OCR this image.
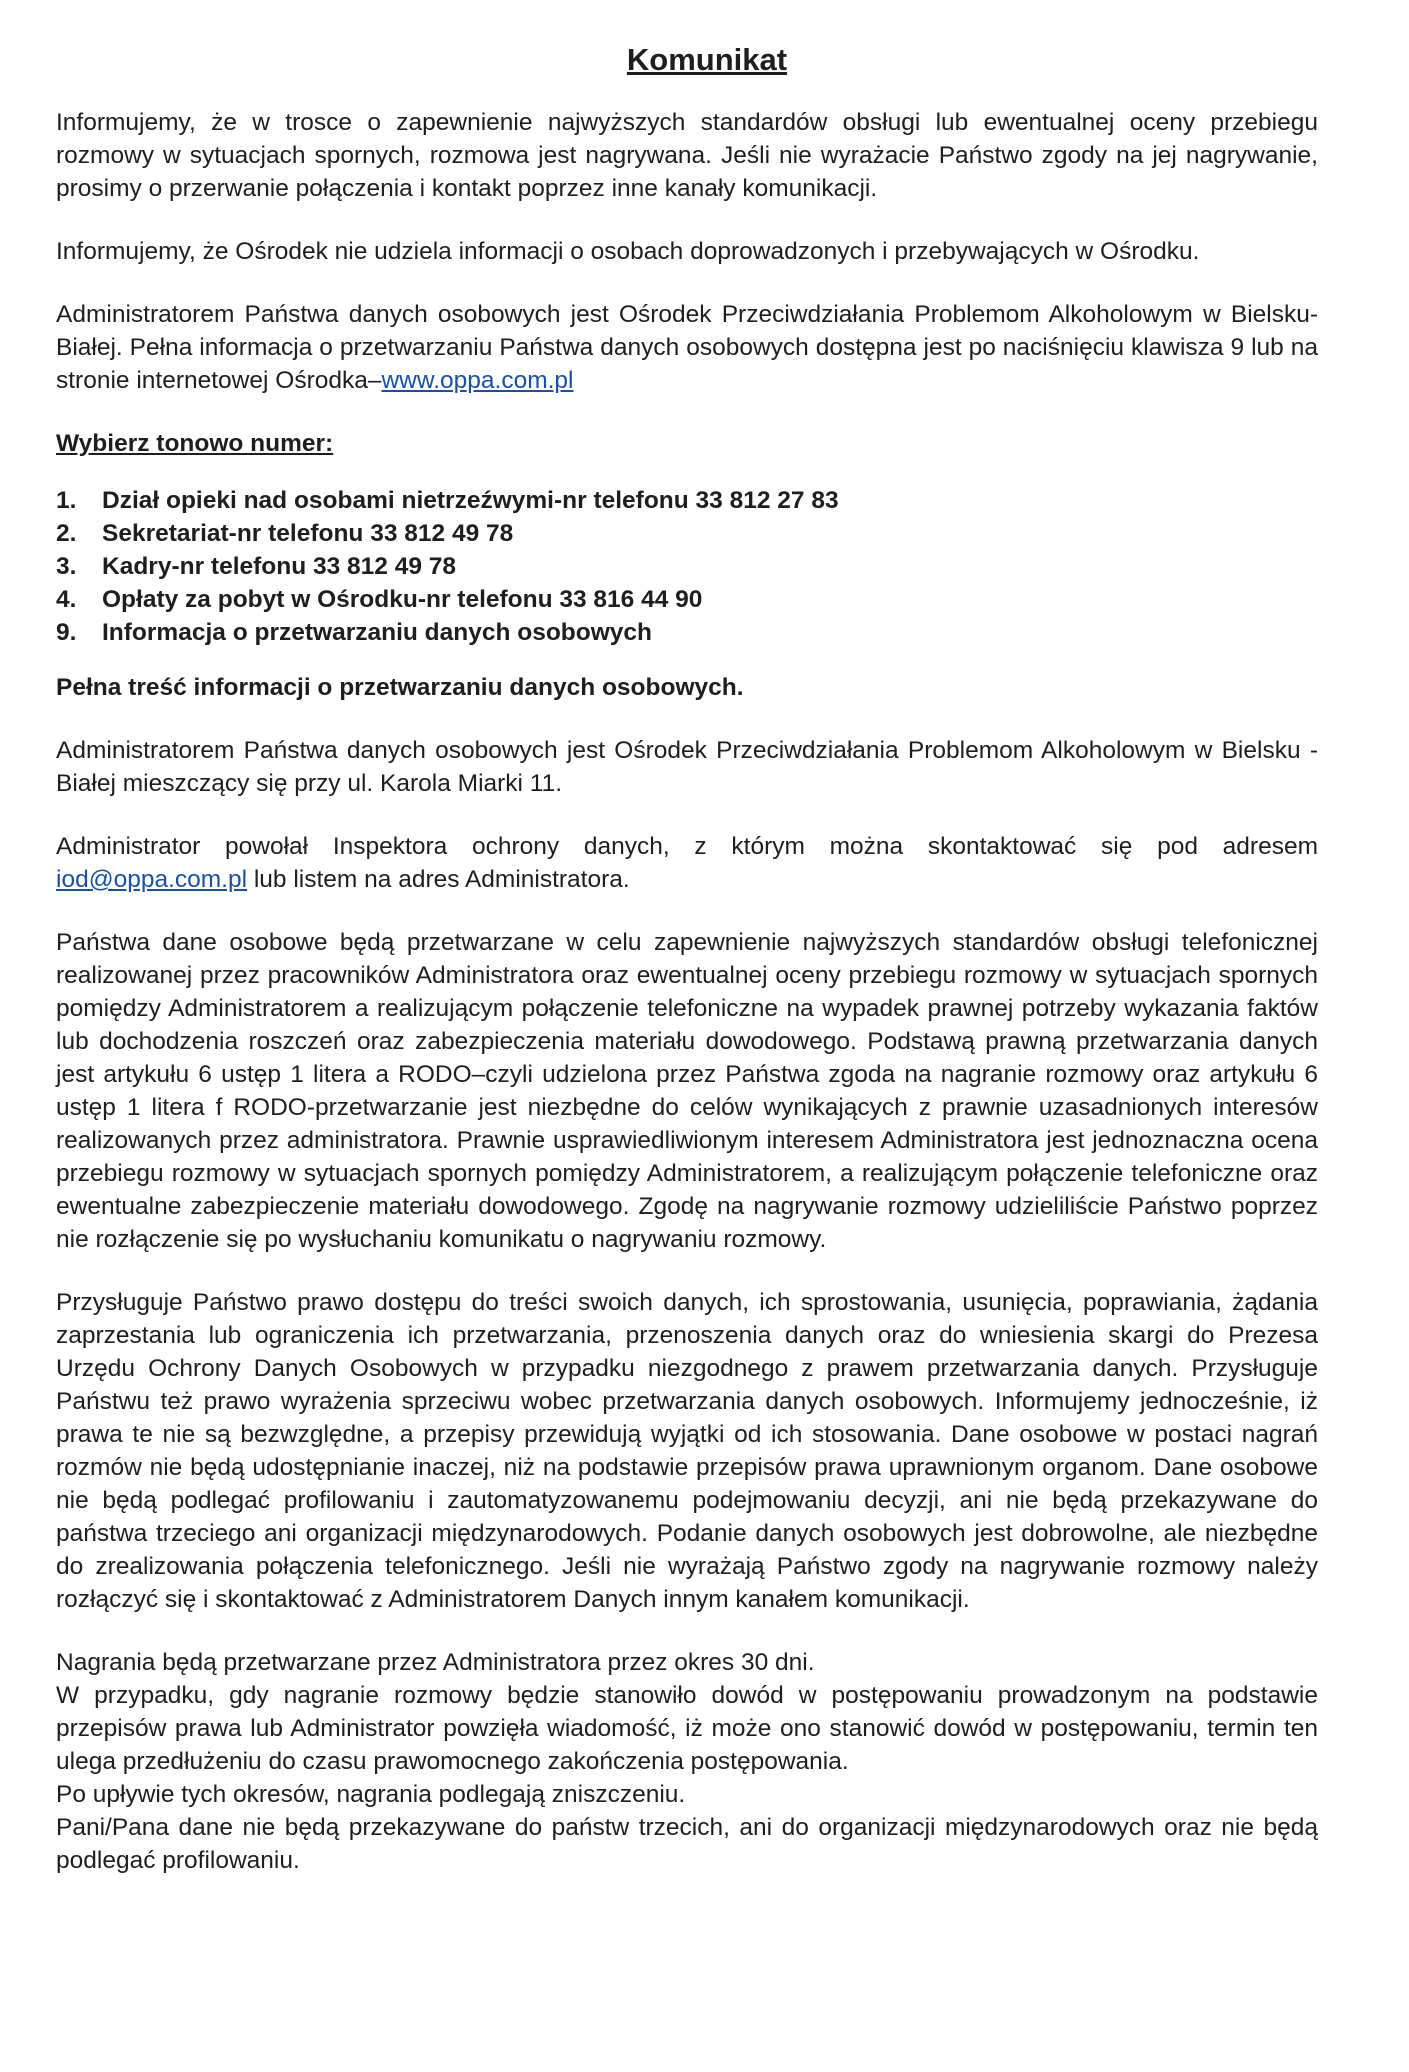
Komunikat

Informujemy, że w trosce o zapewnienie najwyższych standardów obsługi lub ewentualnej oceny przebiegu rozmowy w sytuacjach spornych, rozmowa jest nagrywana. Jeśli nie wyrażacie Państwo zgody na jej nagrywanie, prosimy o przerwanie połączenia i kontakt poprzez inne kanały komunikacji.

Informujemy, że Ośrodek nie udziela informacji o osobach doprowadzonych i przebywających w Ośrodku.

Administratorem Państwa danych osobowych jest Ośrodek Przeciwdziałania Problemom Alkoholowym w Bielsku-Białej. Pełna informacja o przetwarzaniu Państwa danych osobowych dostępna jest po naciśnięciu klawisza 9 lub na stronie internetowej Ośrodka–www.oppa.com.pl

Wybierz tonowo numer:
1.	Dział opieki nad osobami nietrzeźwymi-nr telefonu 33 812 27 83
2.	Sekretariat-nr telefonu 33 812 49 78
3.	Kadry-nr telefonu 33 812 49 78
4.	Opłaty za pobyt w Ośrodku-nr telefonu 33 816 44 90
9.	Informacja o przetwarzaniu danych osobowych
Pełna treść informacji o przetwarzaniu danych osobowych.

Administratorem Państwa danych osobowych jest Ośrodek Przeciwdziałania Problemom Alkoholowym w Bielsku -Białej mieszczący się przy ul. Karola Miarki 11.

Administrator powołał Inspektora ochrony danych, z którym można skontaktować się pod adresem iod@oppa.com.pl lub listem na adres Administratora.

Państwa dane osobowe będą przetwarzane w celu zapewnienie najwyższych standardów obsługi telefonicznej realizowanej przez pracowników Administratora oraz ewentualnej oceny przebiegu rozmowy w sytuacjach spornych pomiędzy Administratorem a realizującym połączenie telefoniczne na wypadek prawnej potrzeby wykazania faktów lub dochodzenia roszczeń oraz zabezpieczenia materiału dowodowego. Podstawą prawną przetwarzania danych jest artykułu 6 ustęp 1 litera a RODO–czyli udzielona przez Państwa zgoda na nagranie rozmowy oraz artykułu 6 ustęp 1 litera f RODO-przetwarzanie jest niezbędne do celów wynikających z prawnie uzasadnionych interesów realizowanych przez administratora. Prawnie usprawiedliwionym interesem Administratora jest jednoznaczna ocena przebiegu rozmowy w sytuacjach spornych pomiędzy Administratorem, a realizującym połączenie telefoniczne oraz ewentualne zabezpieczenie materiału dowodowego. Zgodę na nagrywanie rozmowy udzieliliście Państwo poprzez nie rozłączenie się po wysłuchaniu komunikatu o nagrywaniu rozmowy.

Przysługuje Państwo prawo dostępu do treści swoich danych, ich sprostowania, usunięcia, poprawiania, żądania zaprzestania lub ograniczenia ich przetwarzania, przenoszenia danych oraz do wniesienia skargi do Prezesa Urzędu Ochrony Danych Osobowych w przypadku niezgodnego z prawem przetwarzania danych. Przysługuje Państwu też prawo wyrażenia sprzeciwu wobec przetwarzania danych osobowych. Informujemy jednocześnie, iż prawa te nie są bezwzględne, a przepisy przewidują wyjątki od ich stosowania. Dane osobowe w postaci nagrań rozmów nie będą udostępnianie inaczej, niż na podstawie przepisów prawa uprawnionym organom. Dane osobowe nie będą podlegać profilowaniu i zautomatyzowanemu podejmowaniu decyzji, ani nie będą przekazywane do państwa trzeciego ani organizacji międzynarodowych. Podanie danych osobowych jest dobrowolne, ale niezbędne do zrealizowania połączenia telefonicznego. Jeśli nie wyrażają Państwo zgody na nagrywanie rozmowy należy rozłączyć się i skontaktować z Administratorem Danych innym kanałem komunikacji.

Nagrania będą przetwarzane przez Administratora przez okres 30 dni.

W przypadku, gdy nagranie rozmowy będzie stanowiło dowód w postępowaniu prowadzonym na podstawie przepisów prawa lub Administrator powzięła wiadomość, iż może ono stanowić dowód w postępowaniu, termin ten ulega przedłużeniu do czasu prawomocnego zakończenia postępowania.

Po upływie tych okresów, nagrania podlegają zniszczeniu.

Pani/Pana dane nie będą przekazywane do państw trzecich, ani do organizacji międzynarodowych oraz nie będą podlegać profilowaniu.
